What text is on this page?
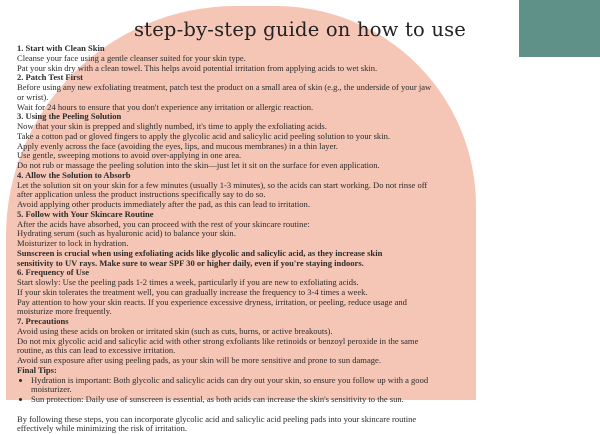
step-by-step guide on how to use
1. Start with Clean Skin
Cleanse your face using a gentle cleanser suited for your skin type.
Pat your skin dry with a clean towel. This helps avoid potential irritation from applying acids to wet skin.
2. Patch Test First
Before using any new exfoliating treatment, patch test the product on a small area of skin (e.g., the underside of your jaw
or wrist).
Wait for 24 hours to ensure that you don't experience any irritation or allergic reaction.
3. Using the Peeling Solution
Now that your skin is prepped and slightly numbed, it's time to apply the exfoliating acids.
Take a cotton pad or gloved fingers to apply the glycolic acid and salicylic acid peeling solution to your skin.
Apply evenly across the face (avoiding the eyes, lips, and mucous membranes) in a thin layer.
Use gentle, sweeping motions to avoid over-applying in one area.
Do not rub or massage the peeling solution into the skin—just let it sit on the surface for even application.
4. Allow the Solution to Absorb
Let the solution sit on your skin for a few minutes (usually 1-3 minutes), so the acids can start working. Do not rinse off
after application unless the product instructions specifically say to do so.
Avoid applying other products immediately after the pad, as this can lead to irritation.
5. Follow with Your Skincare Routine
After the acids have absorbed, you can proceed with the rest of your skincare routine:
Hydrating serum (such as hyaluronic acid) to balance your skin.
Moisturizer to lock in hydration.
Sunscreen is crucial when using exfoliating acids like glycolic and salicylic acid, as they increase skin
sensitivity to UV rays. Make sure to wear SPF 30 or higher daily, even if you're staying indoors.
6. Frequency of Use
Start slowly: Use the peeling pads 1-2 times a week, particularly if you are new to exfoliating acids.
If your skin tolerates the treatment well, you can gradually increase the frequency to 3-4 times a week.
Pay attention to how your skin reacts. If you experience excessive dryness, irritation, or peeling, reduce usage and
moisturize more frequently.
7. Precautions
Avoid using these acids on broken or irritated skin (such as cuts, burns, or active breakouts).
Do not mix glycolic acid and salicylic acid with other strong exfoliants like retinoids or benzoyl peroxide in the same
routine, as this can lead to excessive irritation.
Avoid sun exposure after using peeling pads, as your skin will be more sensitive and prone to sun damage.
Final Tips:
• Hydration is important: Both glycolic and salicylic acids can dry out your skin, so ensure you follow up with a good
moisturizer.
• Sun protection: Daily use of sunscreen is essential, as both acids can increase the skin's sensitivity to the sun.
By following these steps, you can incorporate glycolic acid and salicylic acid peeling pads into your skincare routine
effectively while minimizing the risk of irritation.
